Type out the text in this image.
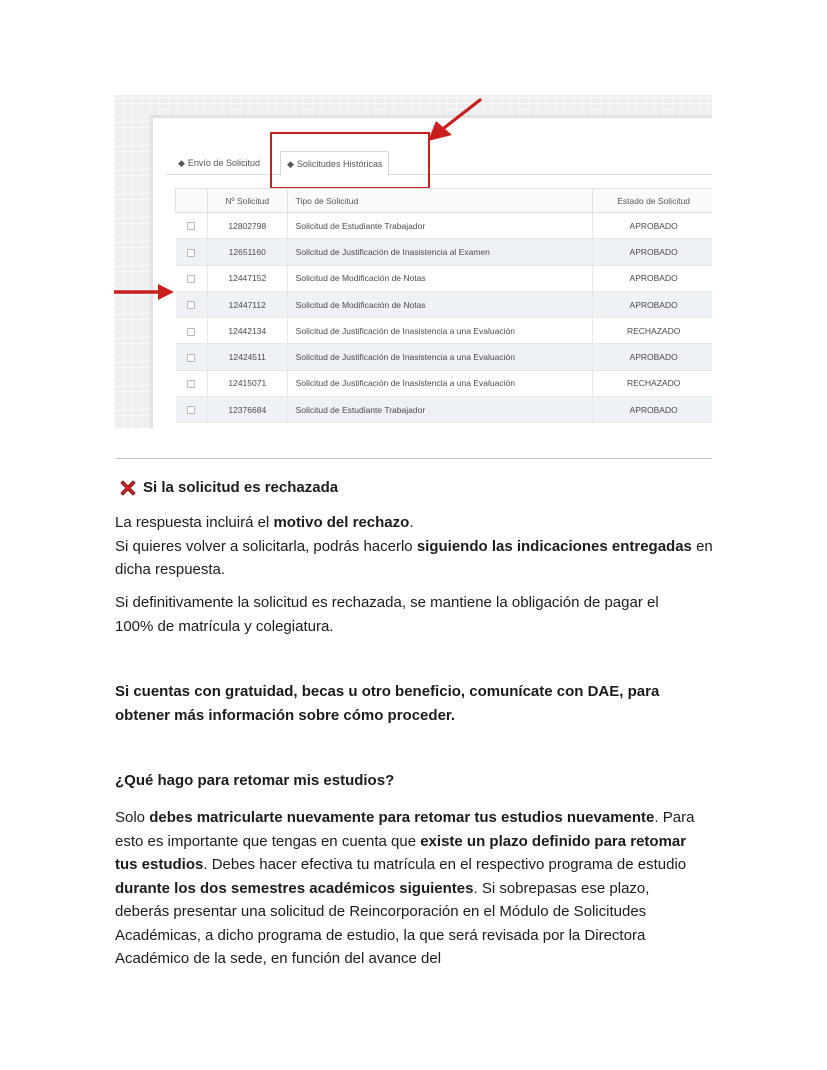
◆ Envío de Solicitud	◆ Solicitudes Históricas
	Nº Solicitud	Tipo de Solicitud	Estado de Solicitud
	12802798	Solicitud de Estudiante Trabajador	APROBADO
	12651160	Solicitud de Justificación de Inasistencia al Examen	APROBADO
	12447152	Solicitud de Modificación de Notas	APROBADO
	12447112	Solicitud de Modificación de Notas	APROBADO
	12442134	Solicitud de Justificación de Inasistencia a una Evaluación	RECHAZADO
	12424511	Solicitud de Justificación de Inasistencia a una Evaluación	APROBADO
	12415071	Solicitud de Justificación de Inasistencia a una Evaluación	RECHAZADO
	12376684	Solicitud de Estudiante Trabajador	APROBADO
Si la solicitud es rechazada
La respuesta incluirá el motivo del rechazo.
Si quieres volver a solicitarla, podrás hacerlo siguiendo las indicaciones entregadas en dicha respuesta.
Si definitivamente la solicitud es rechazada, se mantiene la obligación de pagar el 100% de matrícula y colegiatura.
Si cuentas con gratuidad, becas u otro beneficio, comunícate con DAE, para obtener más información sobre cómo proceder.
¿Qué hago para retomar mis estudios?
Solo debes matricularte nuevamente para retomar tus estudios nuevamente. Para esto es importante que tengas en cuenta que existe un plazo definido para retomar tus estudios. Debes hacer efectiva tu matrícula en el respectivo programa de estudio durante los dos semestres académicos siguientes. Si sobrepasas ese plazo, deberás presentar una solicitud de Reincorporación en el Módulo de Solicitudes Académicas, a dicho programa de estudio, la que será revisada por la Directora Académico de la sede, en función del avance del
